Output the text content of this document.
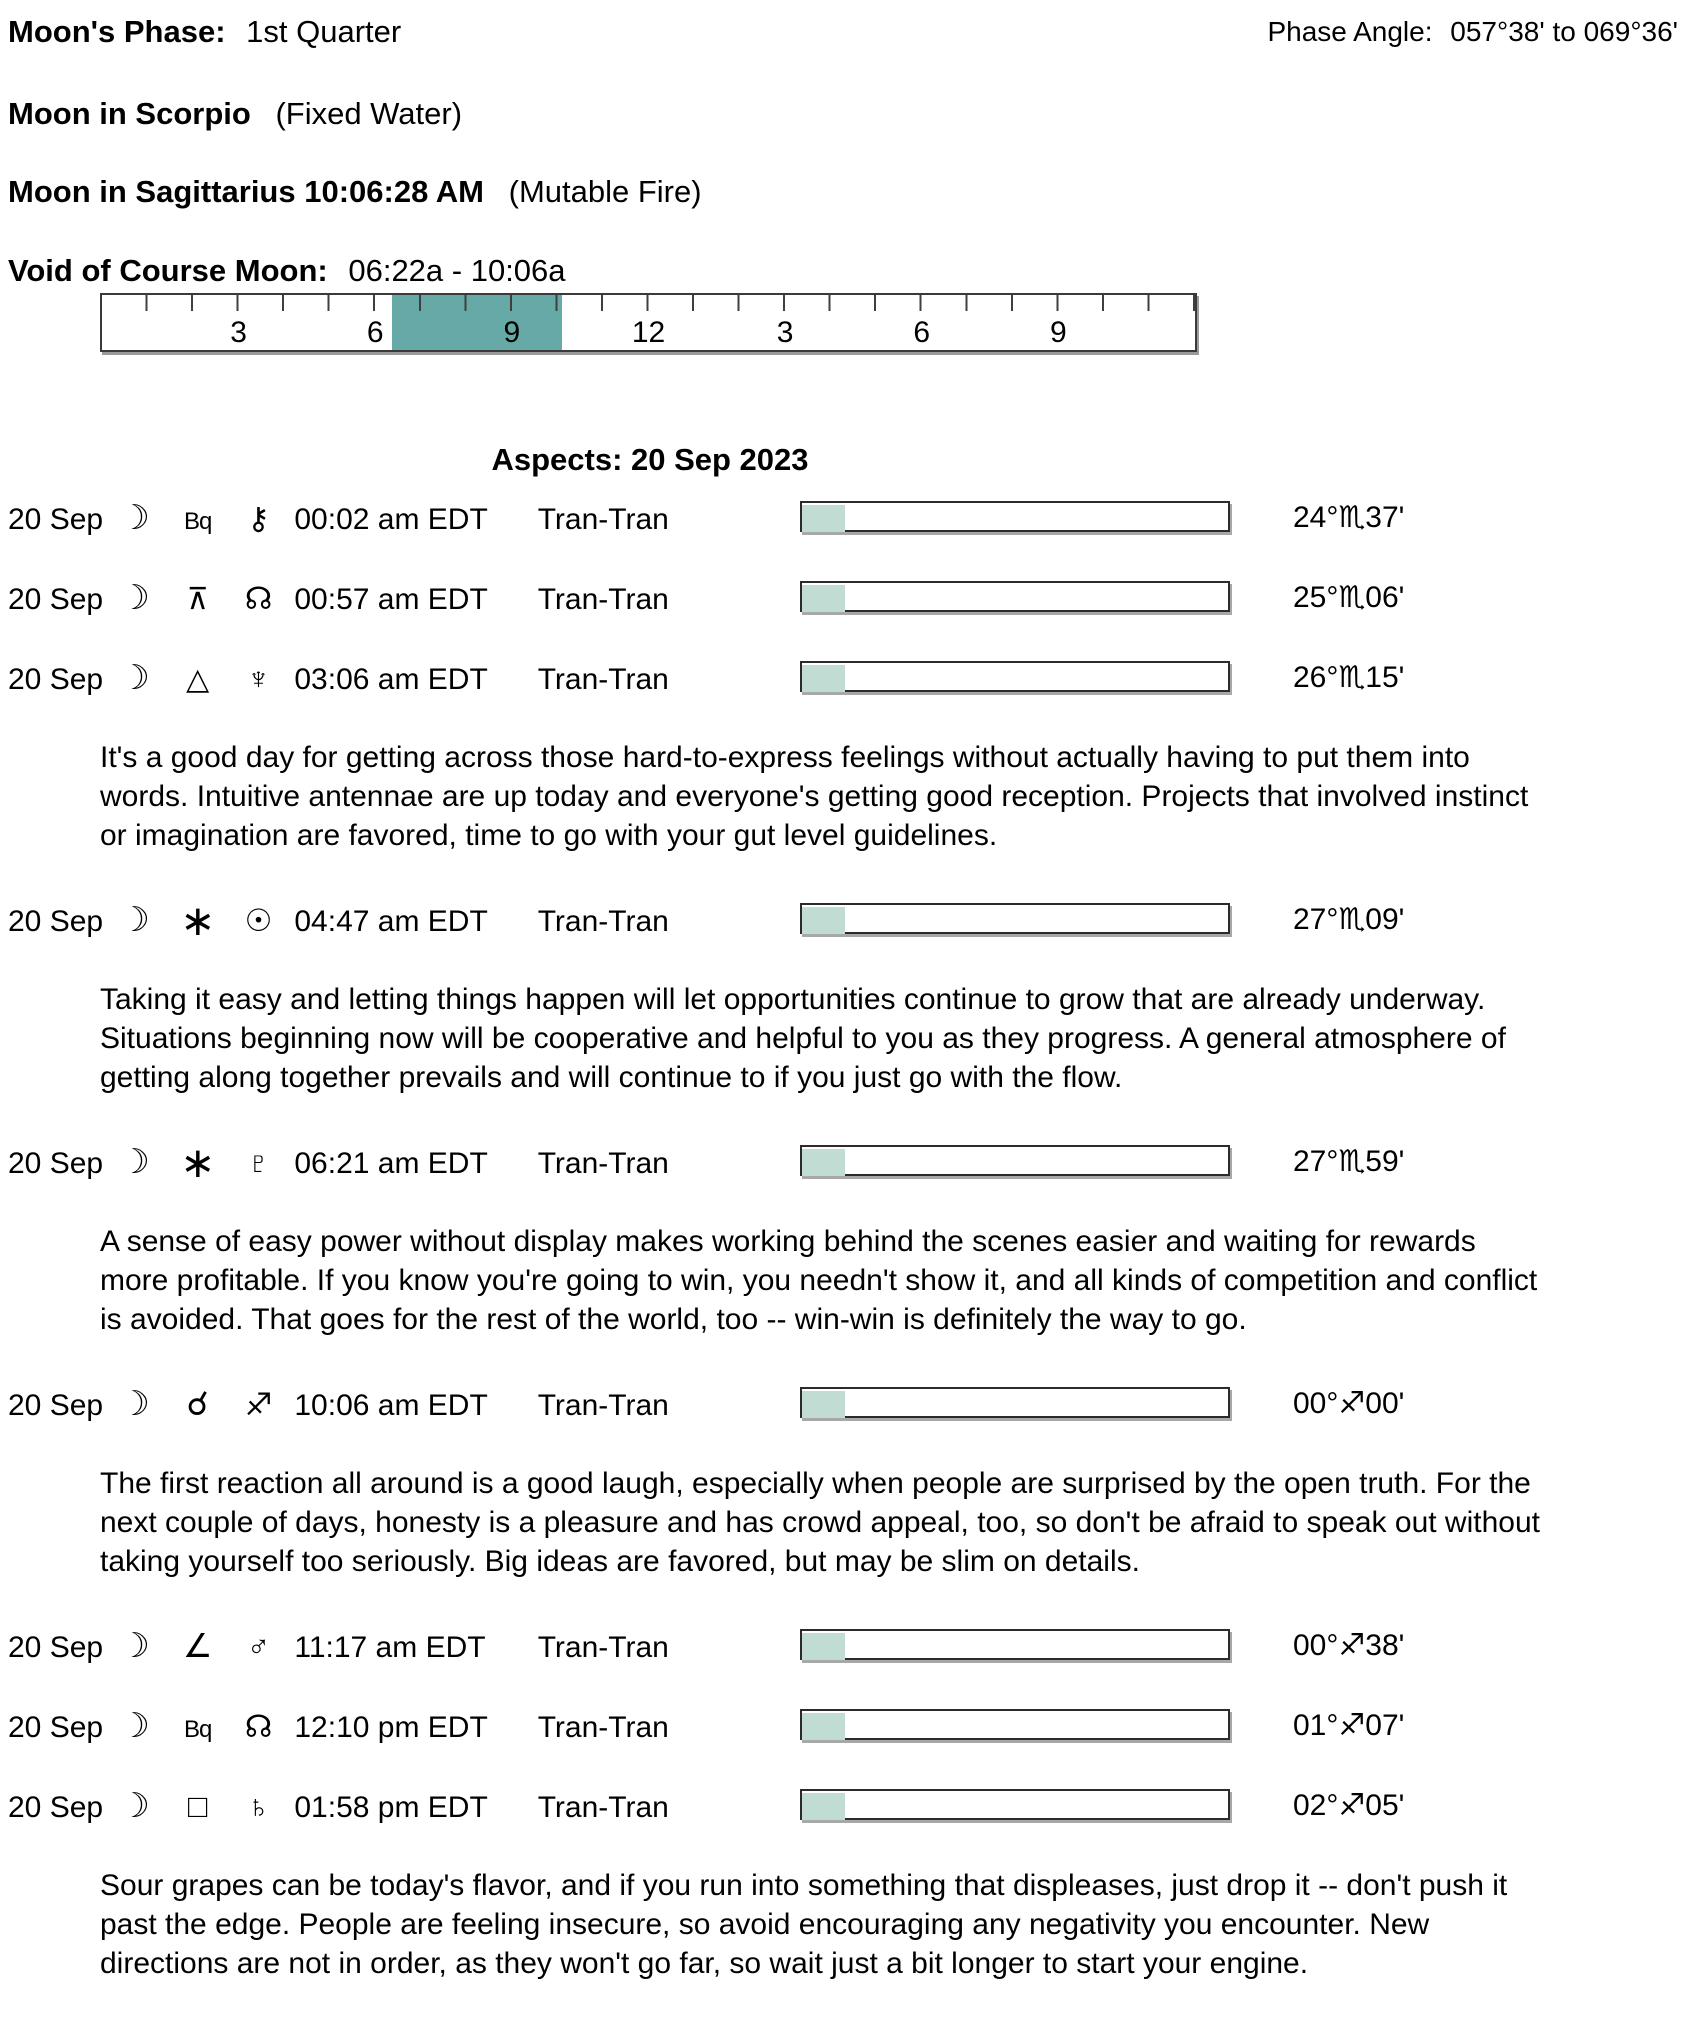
Moon's Phase: 1st Quarter	Phase Angle: 057°38' to 069°36'
Moon in Scorpio (Fixed Water)
Moon in Sagittarius 10:06:28 AM (Mutable Fire)
Void of Course Moon: 06:22a - 10:06a
3	6	9	12	3	6	9
Aspects: 20 Sep 2023
20 Sep ☽ Bq ⚷ 00:02 am EDT Tran-Tran	24°♏37'
20 Sep ☽ ⊼ ☊ 00:57 am EDT Tran-Tran	25°♏06'
20 Sep ☽ △ ♆ 03:06 am EDT Tran-Tran	26°♏15'
It's a good day for getting across those hard-to-express feelings without actually having to put them into words. Intuitive antennae are up today and everyone's getting good reception. Projects that involved instinct or imagination are favored, time to go with your gut level guidelines.
20 Sep ☽ ∗ ☉ 04:47 am EDT Tran-Tran	27°♏09'
Taking it easy and letting things happen will let opportunities continue to grow that are already underway. Situations beginning now will be cooperative and helpful to you as they progress. A general atmosphere of getting along together prevails and will continue to if you just go with the flow.
20 Sep ☽ ∗ ♇ 06:21 am EDT Tran-Tran	27°♏59'
A sense of easy power without display makes working behind the scenes easier and waiting for rewards more profitable. If you know you're going to win, you needn't show it, and all kinds of competition and conflict is avoided. That goes for the rest of the world, too -- win-win is definitely the way to go.
20 Sep ☽ ☌ ♐ 10:06 am EDT Tran-Tran	00°♐00'
The first reaction all around is a good laugh, especially when people are surprised by the open truth. For the next couple of days, honesty is a pleasure and has crowd appeal, too, so don't be afraid to speak out without taking yourself too seriously. Big ideas are favored, but may be slim on details.
20 Sep ☽ ∠ ♂ 11:17 am EDT Tran-Tran	00°♐38'
20 Sep ☽ Bq ☊ 12:10 pm EDT Tran-Tran	01°♐07'
20 Sep ☽ □ ♄ 01:58 pm EDT Tran-Tran	02°♐05'
Sour grapes can be today's flavor, and if you run into something that displeases, just drop it -- don't push it past the edge. People are feeling insecure, so avoid encouraging any negativity you encounter. New directions are not in order, as they won't go far, so wait just a bit longer to start your engine.
